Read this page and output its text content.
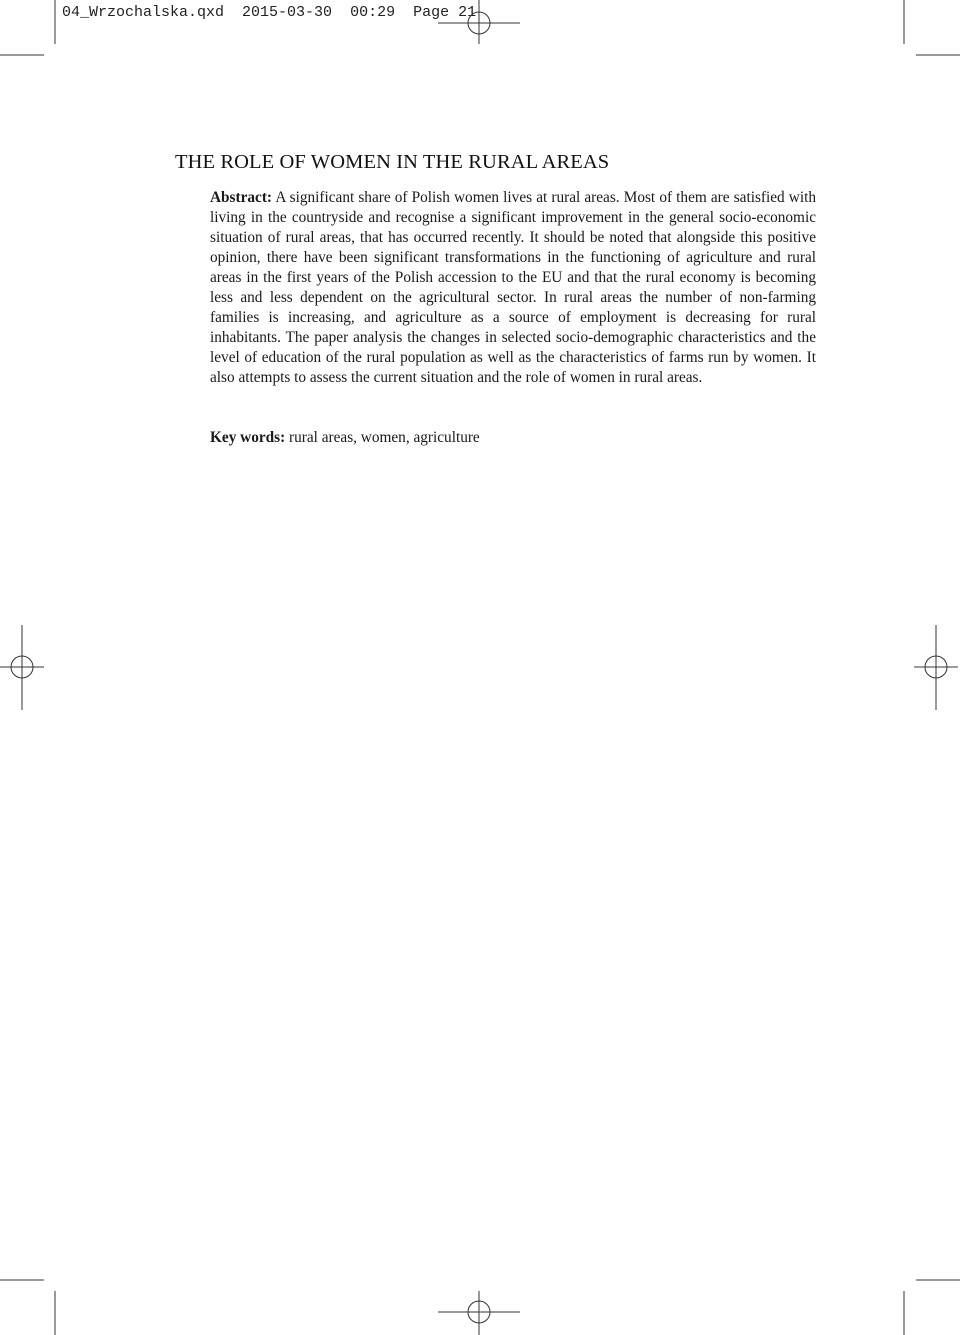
04_Wrzochalska.qxd 2015-03-30 00:29 Page 21
THE ROLE OF WOMEN IN THE RURAL AREAS

Abstract: A significant share of Polish women lives at rural areas. Most of them are satisfied with living in the countryside and recognise a significant improvement in the general socio-economic situation of rural areas, that has occurred recently. It should be noted that alongside this positive opinion, there have been significant transformations in the functioning of agriculture and rural areas in the first years of the Polish accession to the EU and that the rural economy is becoming less and less dependent on the agricultural sector. In rural areas the number of non-farming families is increasing, and agriculture as a source of employment is decreasing for rural inhabitants. The paper analysis the changes in selected socio-demographic characteristics and the level of education of the rural population as well as the characteristics of farms run by women. It also attempts to assess the current situation and the role of women in rural areas.

Key words: rural areas, women, agriculture
